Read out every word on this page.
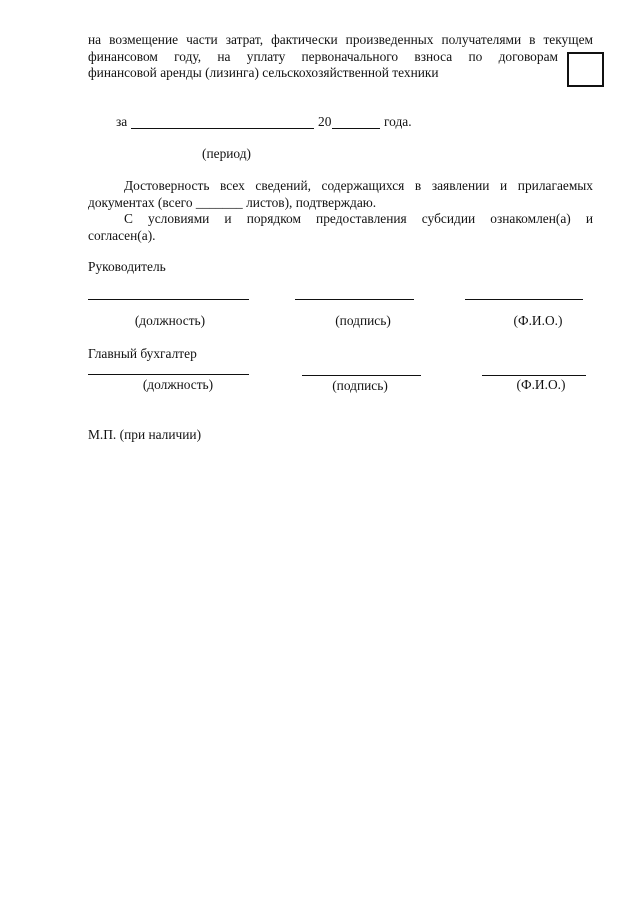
на возмещение части затрат, фактически произведенных получателями в текущем
финансовом году, на уплату первоначального взноса по договорам
финансовой аренды (лизинга) сельскохозяйственной техники
за	20	года.
(период)
Достоверность всех сведений, содержащихся в заявлении и прилагаемых
документах (всего _______ листов), подтверждаю.
С условиями и порядком предоставления субсидии ознакомлен(а) и
согласен(а).
Руководитель
(должность)	(подпись)	(Ф.И.О.)
Главный бухгалтер
(должность)	(подпись)	(Ф.И.О.)
М.П. (при наличии)
